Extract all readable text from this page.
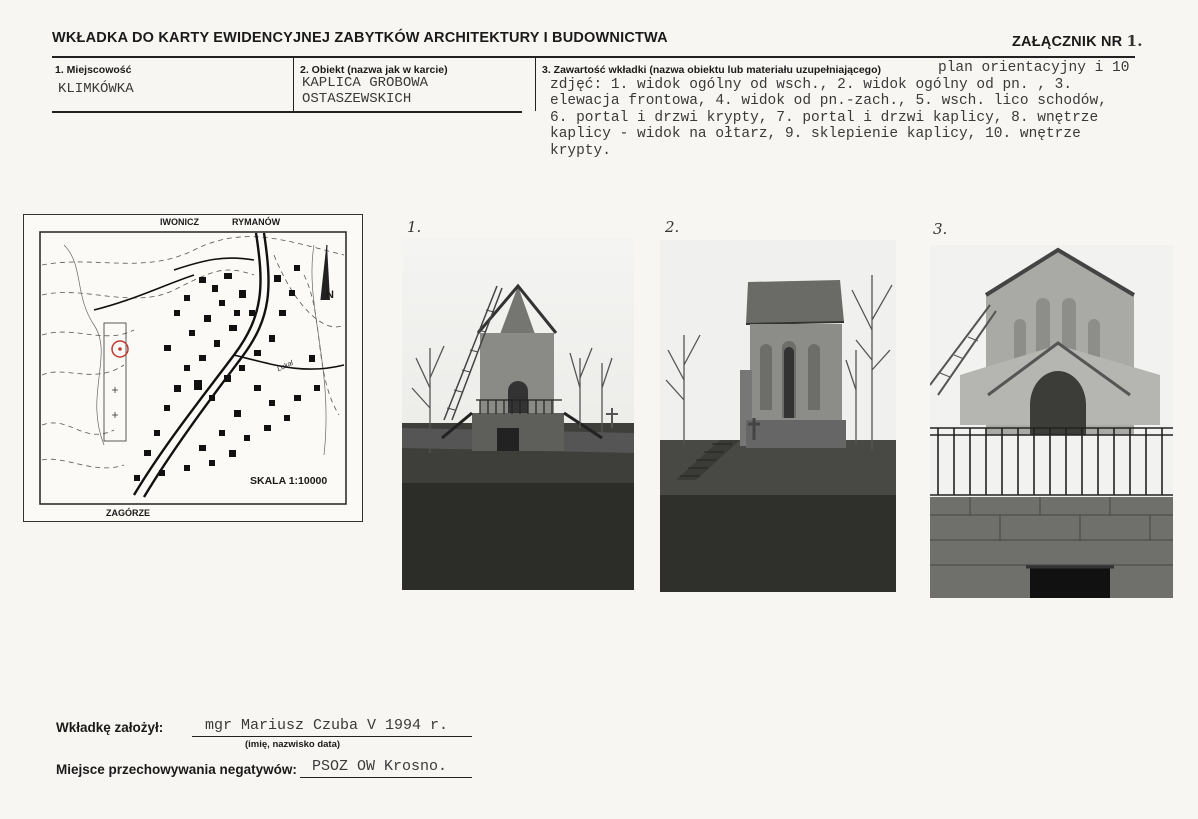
WKŁADKA DO KARTY EWIDENCYJNEJ ZABYTKÓW ARCHITEKTURY I BUDOWNICTWA	ZAŁĄCZNIK NR 1.
1. Miejscowość
KLIMKÓWKA
2. Obiekt (nazwa jak w karcie)
KAPLICA GROBOWA
OSTASZEWSKICH
3. Zawartość wkładki (nazwa obiektu lub materiału uzupełniającego)	plan orientacyjny i 10
zdjęć: 1. widok ogólny od wsch., 2. widok ogólny od pn. , 3.
elewacja frontowa, 4. widok od pn.-zach., 5. wsch. lico schodów,
6. portal i drzwi krypty, 7. portal i drzwi kaplicy, 8. wnętrze
kaplicy - widok na ołtarz, 9. sklepienie kaplicy, 10. wnętrze
krypty.
IWONICZ	RYMANÓW
ZAGÓRZE
SKALA 1:10000
N
Lokal
1.	2.	3.
Wkładkę założył:	mgr Mariusz Czuba V 1994 r.
(imię, nazwisko data)
Miejsce przechowywania negatywów: PSOZ OW Krosno.
